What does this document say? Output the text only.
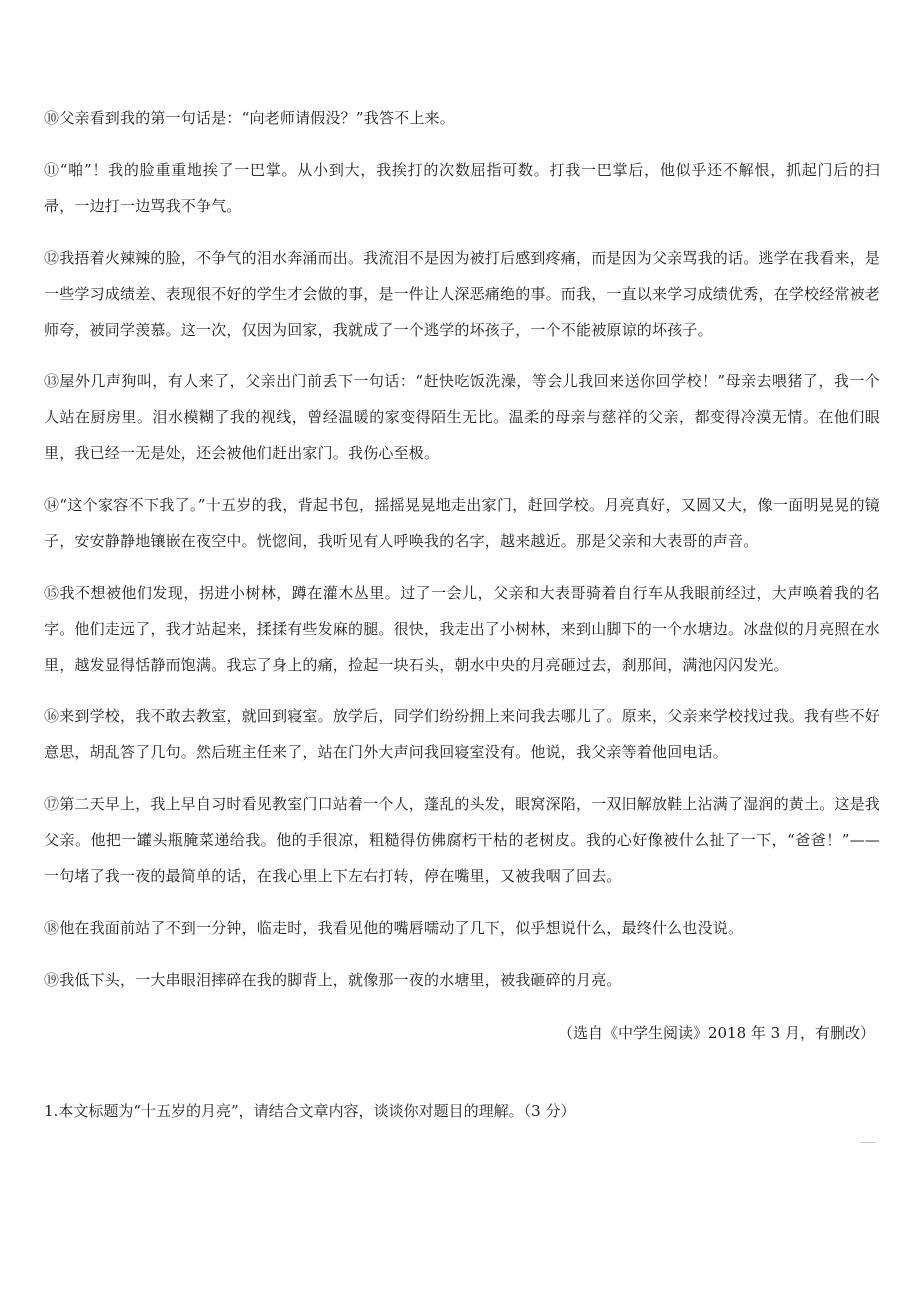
⑩父亲看到我的第一句话是：“向老师请假没？”我答不上来。

⑪“啪”！我的脸重重地挨了一巴掌。从小到大，我挨打的次数屈指可数。打我一巴掌后，他似乎还不解恨，抓起门后的扫帚，一边打一边骂我不争气。

⑫我捂着火辣辣的脸，不争气的泪水奔涌而出。我流泪不是因为被打后感到疼痛，而是因为父亲骂我的话。逃学在我看来，是一些学习成绩差、表现很不好的学生才会做的事，是一件让人深恶痛绝的事。而我，一直以来学习成绩优秀，在学校经常被老师夸，被同学羡慕。这一次，仅因为回家，我就成了一个逃学的坏孩子，一个不能被原谅的坏孩子。

⑬屋外几声狗叫，有人来了，父亲出门前丢下一句话：“赶快吃饭洗澡，等会儿我回来送你回学校！”母亲去喂猪了，我一个人站在厨房里。泪水模糊了我的视线，曾经温暖的家变得陌生无比。温柔的母亲与慈祥的父亲，都变得冷漠无情。在他们眼里，我已经一无是处，还会被他们赶出家门。我伤心至极。

⑭“这个家容不下我了。”十五岁的我，背起书包，摇摇晃晃地走出家门，赶回学校。月亮真好，又圆又大，像一面明晃晃的镜子，安安静静地镶嵌在夜空中。恍惚间，我听见有人呼唤我的名字，越来越近。那是父亲和大表哥的声音。

⑮我不想被他们发现，拐进小树林，蹲在灌木丛里。过了一会儿，父亲和大表哥骑着自行车从我眼前经过，大声唤着我的名字。他们走远了，我才站起来，揉揉有些发麻的腿。很快，我走出了小树林，来到山脚下的一个水塘边。冰盘似的月亮照在水里，越发显得恬静而饱满。我忘了身上的痛，捡起一块石头，朝水中央的月亮砸过去，刹那间，满池闪闪发光。

⑯来到学校，我不敢去教室，就回到寝室。放学后，同学们纷纷拥上来问我去哪儿了。原来，父亲来学校找过我。我有些不好意思，胡乱答了几句。然后班主任来了，站在门外大声问我回寝室没有。他说，我父亲等着他回电话。

⑰第二天早上，我上早自习时看见教室门口站着一个人，蓬乱的头发，眼窝深陷，一双旧解放鞋上沾满了湿润的黄土。这是我父亲。他把一罐头瓶腌菜递给我。他的手很凉，粗糙得仿佛腐朽干枯的老树皮。我的心好像被什么扯了一下，“爸爸！”——一句堵了我一夜的最简单的话，在我心里上下左右打转，停在嘴里，又被我咽了回去。

⑱他在我面前站了不到一分钟，临走时，我看见他的嘴唇嚅动了几下，似乎想说什么，最终什么也没说。

⑲我低下头，一大串眼泪摔碎在我的脚背上，就像那一夜的水塘里，被我砸碎的月亮。

（选自《中学生阅读》2018 年 3 月，有删改）

1.本文标题为“十五岁的月亮”，请结合文章内容，谈谈你对题目的理解。（3 分）
